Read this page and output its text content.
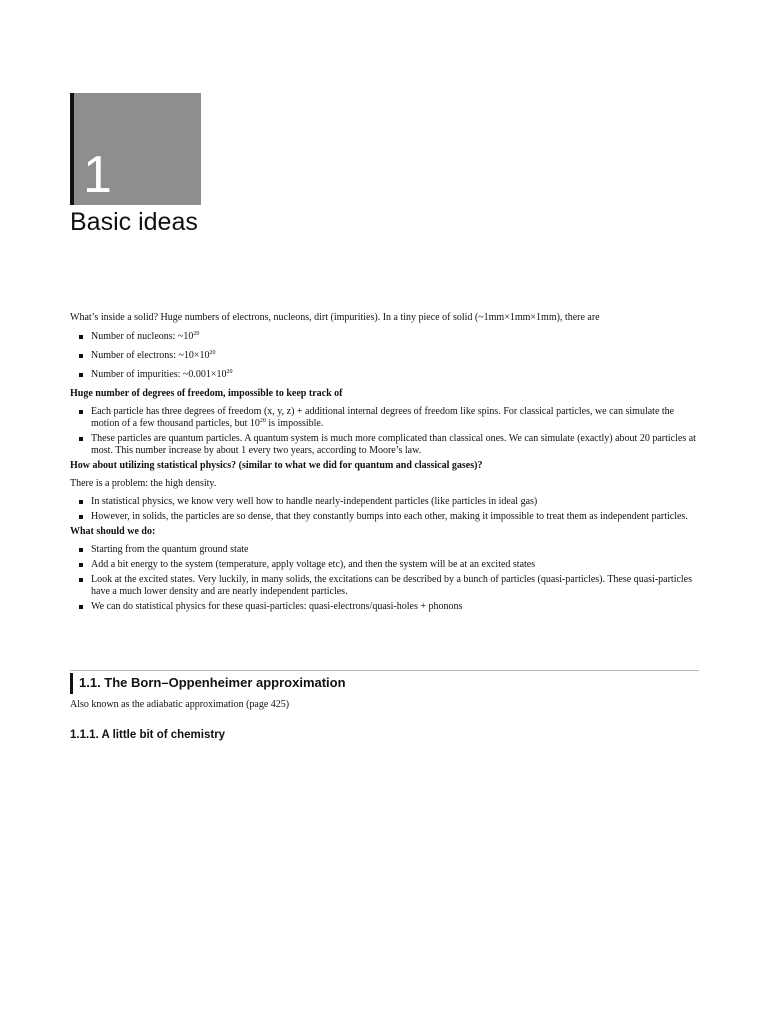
1
Basic ideas

What’s inside a solid? Huge numbers of electrons, nucleons, dirt (impurities). In a tiny piece of solid (~1mm×1mm×1mm), there are

Number of nucleons: $\sim 10^{20}$
Number of electrons: $\sim 10\times 10^{20}$
Number of impurities: $\sim 0.001\times 10^{20}$

Huge number of degrees of freedom, impossible to keep track of

Each particle has three degrees of freedom (x, y, z) + additional internal degrees of freedom like spins. For classical particles, we can simulate the motion of a few thousand particles, but $10^{20}$ is impossible.
These particles are quantum particles. A quantum system is much more complicated than classical ones. We can simulate (exactly) about 20 particles at most. This number increase by about 1 every two years, according to Moore’s law.

How about utilizing statistical physics? (similar to what we did for quantum and classical gases)?

There is a problem: the high density.

In statistical physics, we know very well how to handle nearly-independent particles (like particles in ideal gas)
However, in solids, the particles are so dense, that they constantly bumps into each other, making it impossible to treat them as independent particles.

What should we do:

Starting from the quantum ground state
Add a bit energy to the system (temperature, apply voltage etc), and then the system will be at an excited states
Look at the excited states. Very luckily, in many solids, the excitations can be described by a bunch of particles (quasi-particles). These quasi-particles have a much lower density and are nearly independent particles.
We can do statistical physics for these quasi-particles: quasi-electrons/quasi-holes + phonons
1.1. The Born–Oppenheimer approximation

Also known as the adiabatic approximation (page 425)

1.1.1. A little bit of chemistry
